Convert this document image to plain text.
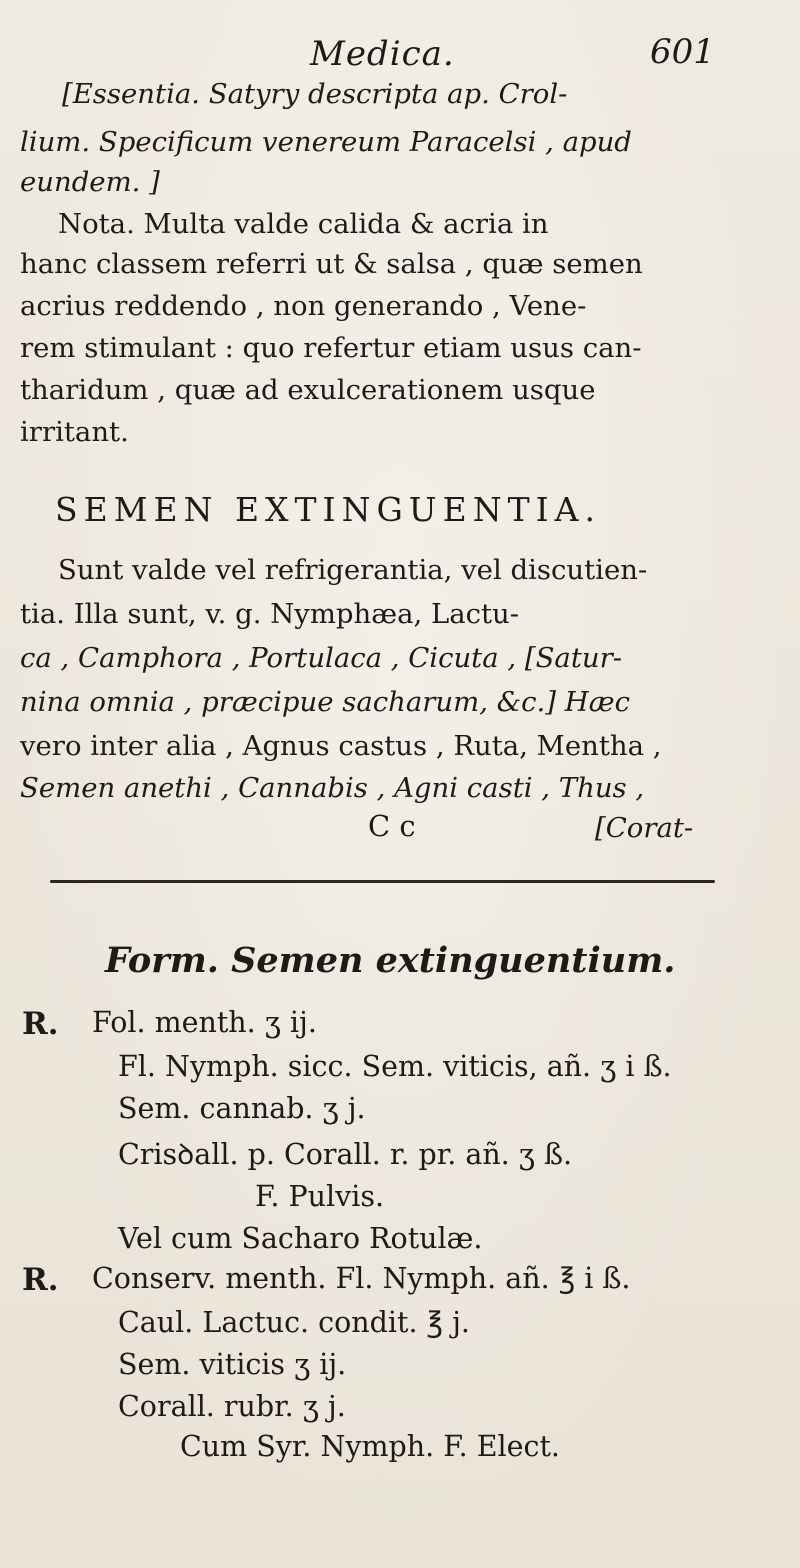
Medica.	601
[Essentia. Satyry descripta ap. Crol-
lium. Specificum venereum Paracelsi , apud
eundem. ]
Nota. Multa valde calida & acria in
hanc classem referri ut & salsa , quæ semen
acrius reddendo , non generando , Vene-
rem stimulant : quo refertur etiam usus can-
tharidum , quæ ad exulcerationem usque
irritant.
SEMEN EXTINGUENTIA.
Sunt valde vel refrigerantia, vel discutien-
tia. Illa sunt, v. g. Nymphæa, Lactu-
ca , Camphora , Portulaca , Cicuta , [Satur-
nina omnia , præcipue sacharum, &c.] Hæc
vero inter alia , Agnus castus , Ruta, Mentha ,
Semen anethi , Cannabis , Agni casti , Thus ,
C c	[Corat-
Form. Semen extinguentium.
R. Fol. menth. ʒ ij.
Fl. Nymph. sicc. Sem. viticis, añ. ʒ i ß.
Sem. cannab. ʒ j.
Crisꝺall. p. Corall. r. pr. añ. ʒ ß.
F. Pulvis.
Vel cum Sacharo Rotulæ.
R. Conserv. menth. Fl. Nymph. añ. ℥ i ß.
Caul. Lactuc. condit. ℥ j.
Sem. viticis ʒ ij.
Corall. rubr. ʒ j.
Cum Syr. Nymph. F. Elect.
